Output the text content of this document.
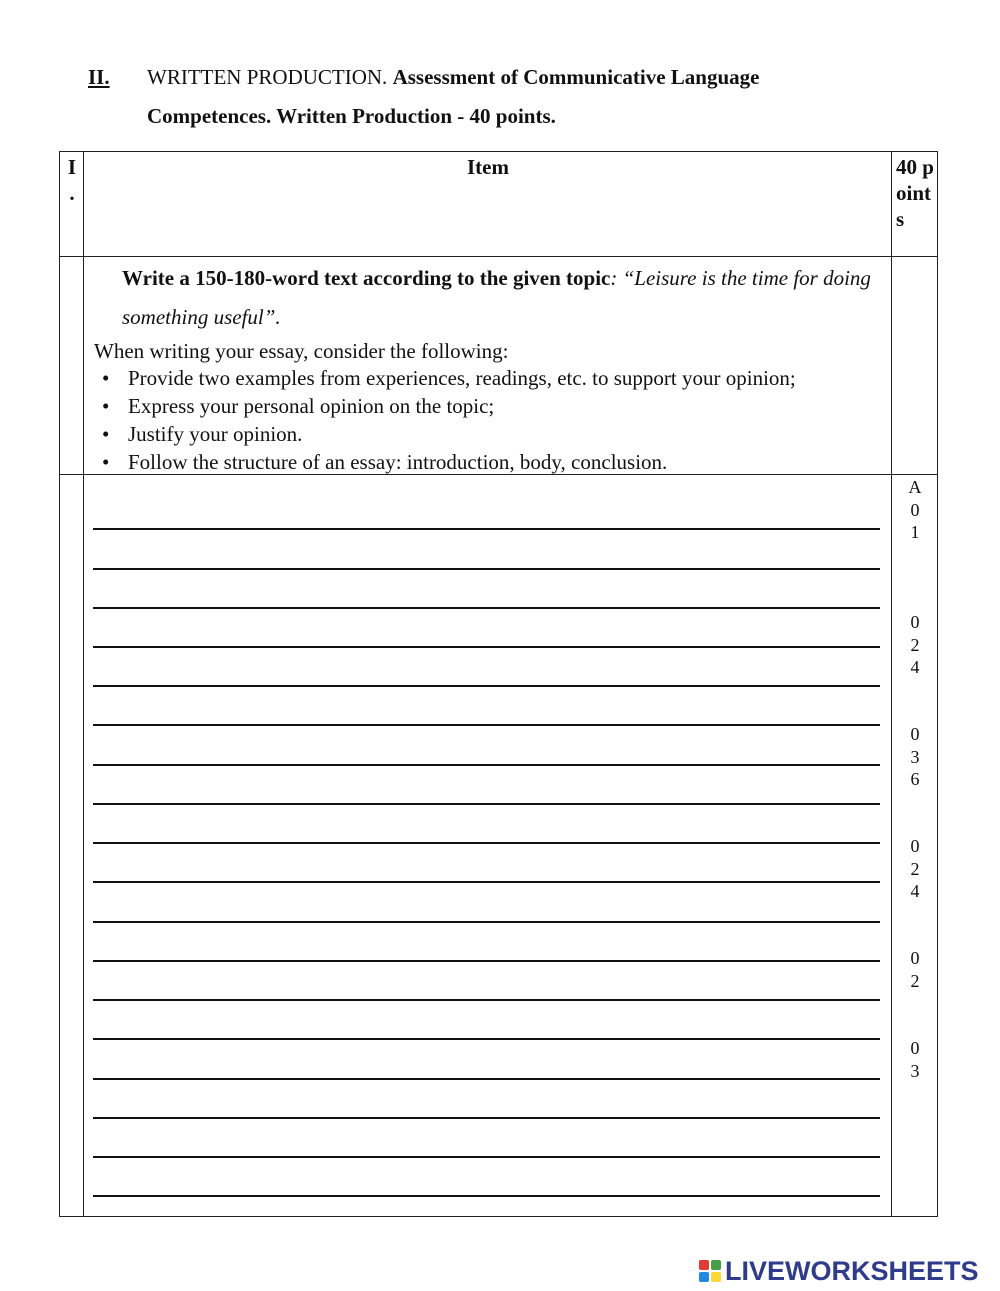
II. WRITTEN PRODUCTION. Assessment of Communicative Language
Competences. Written Production - 40 points.
I
.
Item	40 points
Write a 150-180-word text according to the given topic: “Leisure is the time for doing something useful”.
When writing your essay, consider the following:
• Provide two examples from experiences, readings, etc. to support your opinion;
• Express your personal opinion on the topic;
• Justify your opinion.
• Follow the structure of an essay: introduction, body, conclusion.
A
0
1
0
2
4
0
3
6
0
2
4
0
2
0
3
LIVEWORKSHEETS
